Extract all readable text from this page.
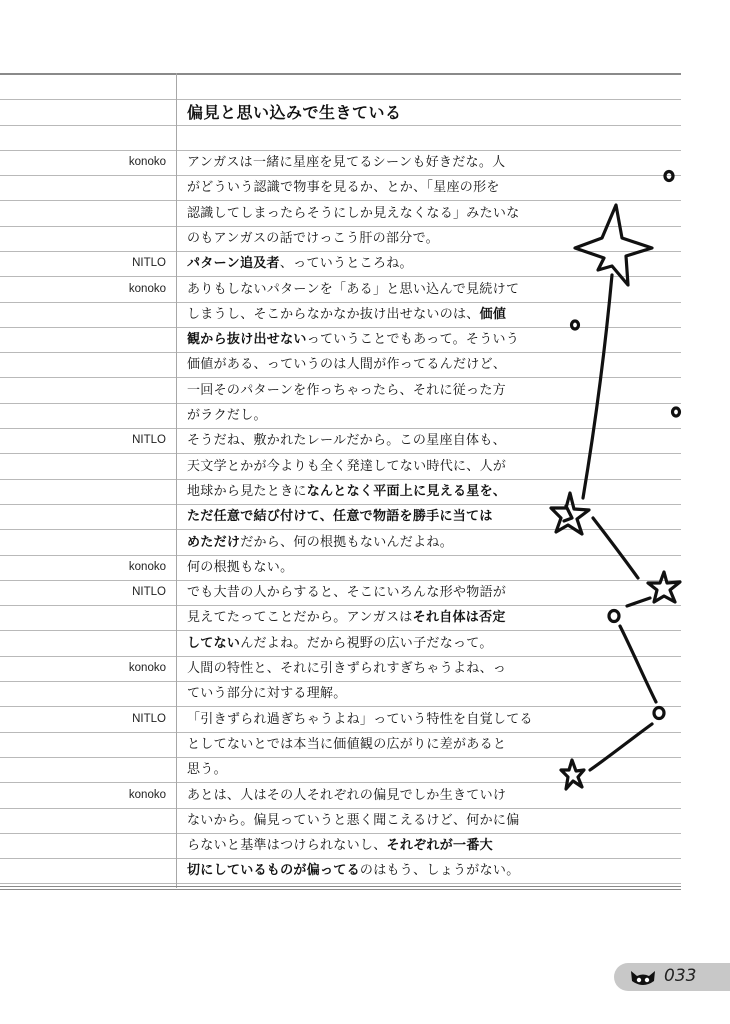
偏見と思い込みで生きている
konoko アンガスは一緒に星座を見てるシーンも好きだな。人
がどういう認識で物事を見るか、とか、「星座の形を
認識してしまったらそうにしか見えなくなる」みたいな
のもアンガスの話でけっこう肝の部分で。
NITLO パターン追及者、っていうところね。
konoko ありもしないパターンを「ある」と思い込んで見続けて
しまうし、そこからなかなか抜け出せないのは、価値
観から抜け出せないっていうことでもあって。そういう
価値がある、っていうのは人間が作ってるんだけど、
一回そのパターンを作っちゃったら、それに従った方
がラクだし。
NITLO そうだね、敷かれたレールだから。この星座自体も、
天文学とかが今よりも全く発達してない時代に、人が
地球から見たときになんとなく平面上に見える星を、
ただ任意で結び付けて、任意で物語を勝手に当ては
めただけだから、何の根拠もないんだよね。
konoko 何の根拠もない。
NITLO でも大昔の人からすると、そこにいろんな形や物語が
見えてたってことだから。アンガスはそれ自体は否定
してないんだよね。だから視野の広い子だなって。
konoko 人間の特性と、それに引きずられすぎちゃうよね、っ
ていう部分に対する理解。
NITLO 「引きずられ過ぎちゃうよね」っていう特性を自覚してる
としてないとでは本当に価値観の広がりに差があると
思う。
konoko あとは、人はその人それぞれの偏見でしか生きていけ
ないから。偏見っていうと悪く聞こえるけど、何かに偏
らないと基準はつけられないし、それぞれが一番大
切にしているものが偏ってるのはもう、しょうがない。
033
